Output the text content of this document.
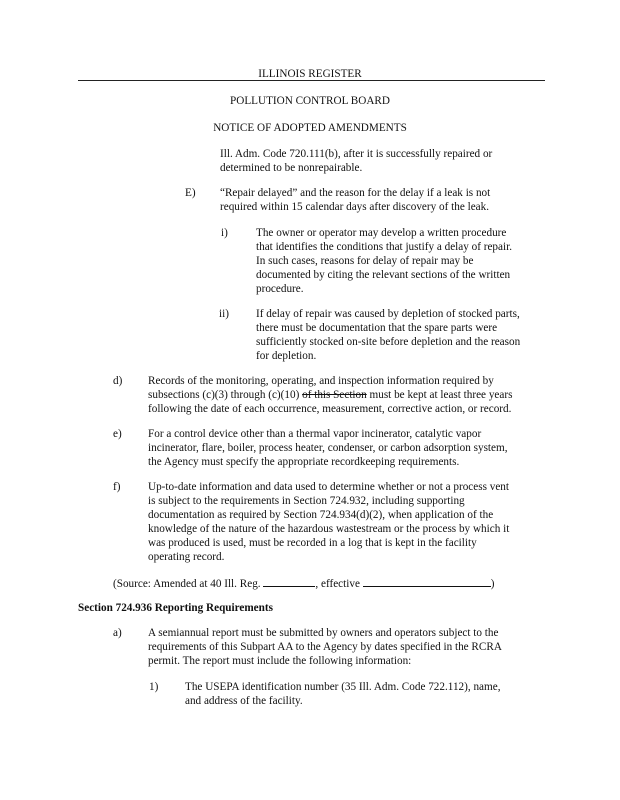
ILLINOIS REGISTER
POLLUTION CONTROL BOARD
NOTICE OF ADOPTED AMENDMENTS
Ill. Adm. Code 720.111(b), after it is successfully repaired or
determined to be nonrepairable.
E) “Repair delayed” and the reason for the delay if a leak is not
required within 15 calendar days after discovery of the leak.
i)	The owner or operator may develop a written procedure
that identifies the conditions that justify a delay of repair.
In such cases, reasons for delay of repair may be
documented by citing the relevant sections of the written
procedure.
ii) If delay of repair was caused by depletion of stocked parts,
there must be documentation that the spare parts were
sufficiently stocked on-site before depletion and the reason
for depletion.
d) Records of the monitoring, operating, and inspection information required by
subsections (c)(3) through (c)(10) of this Section must be kept at least three years
following the date of each occurrence, measurement, corrective action, or record.
e) For a control device other than a thermal vapor incinerator, catalytic vapor
incinerator, flare, boiler, process heater, condenser, or carbon adsorption system,
the Agency must specify the appropriate recordkeeping requirements.
f) Up-to-date information and data used to determine whether or not a process vent
is subject to the requirements in Section 724.932, including supporting
documentation as required by Section 724.934(d)(2), when application of the
knowledge of the nature of the hazardous wastestream or the process by which it
was produced is used, must be recorded in a log that is kept in the facility
operating record.
(Source: Amended at 40 Ill. Reg.	, effective	)
Section 724.936 Reporting Requirements
a) A semiannual report must be submitted by owners and operators subject to the
requirements of this Subpart AA to the Agency by dates specified in the RCRA
permit. The report must include the following information:
1) The USEPA identification number (35 Ill. Adm. Code 722.112), name,
and address of the facility.
